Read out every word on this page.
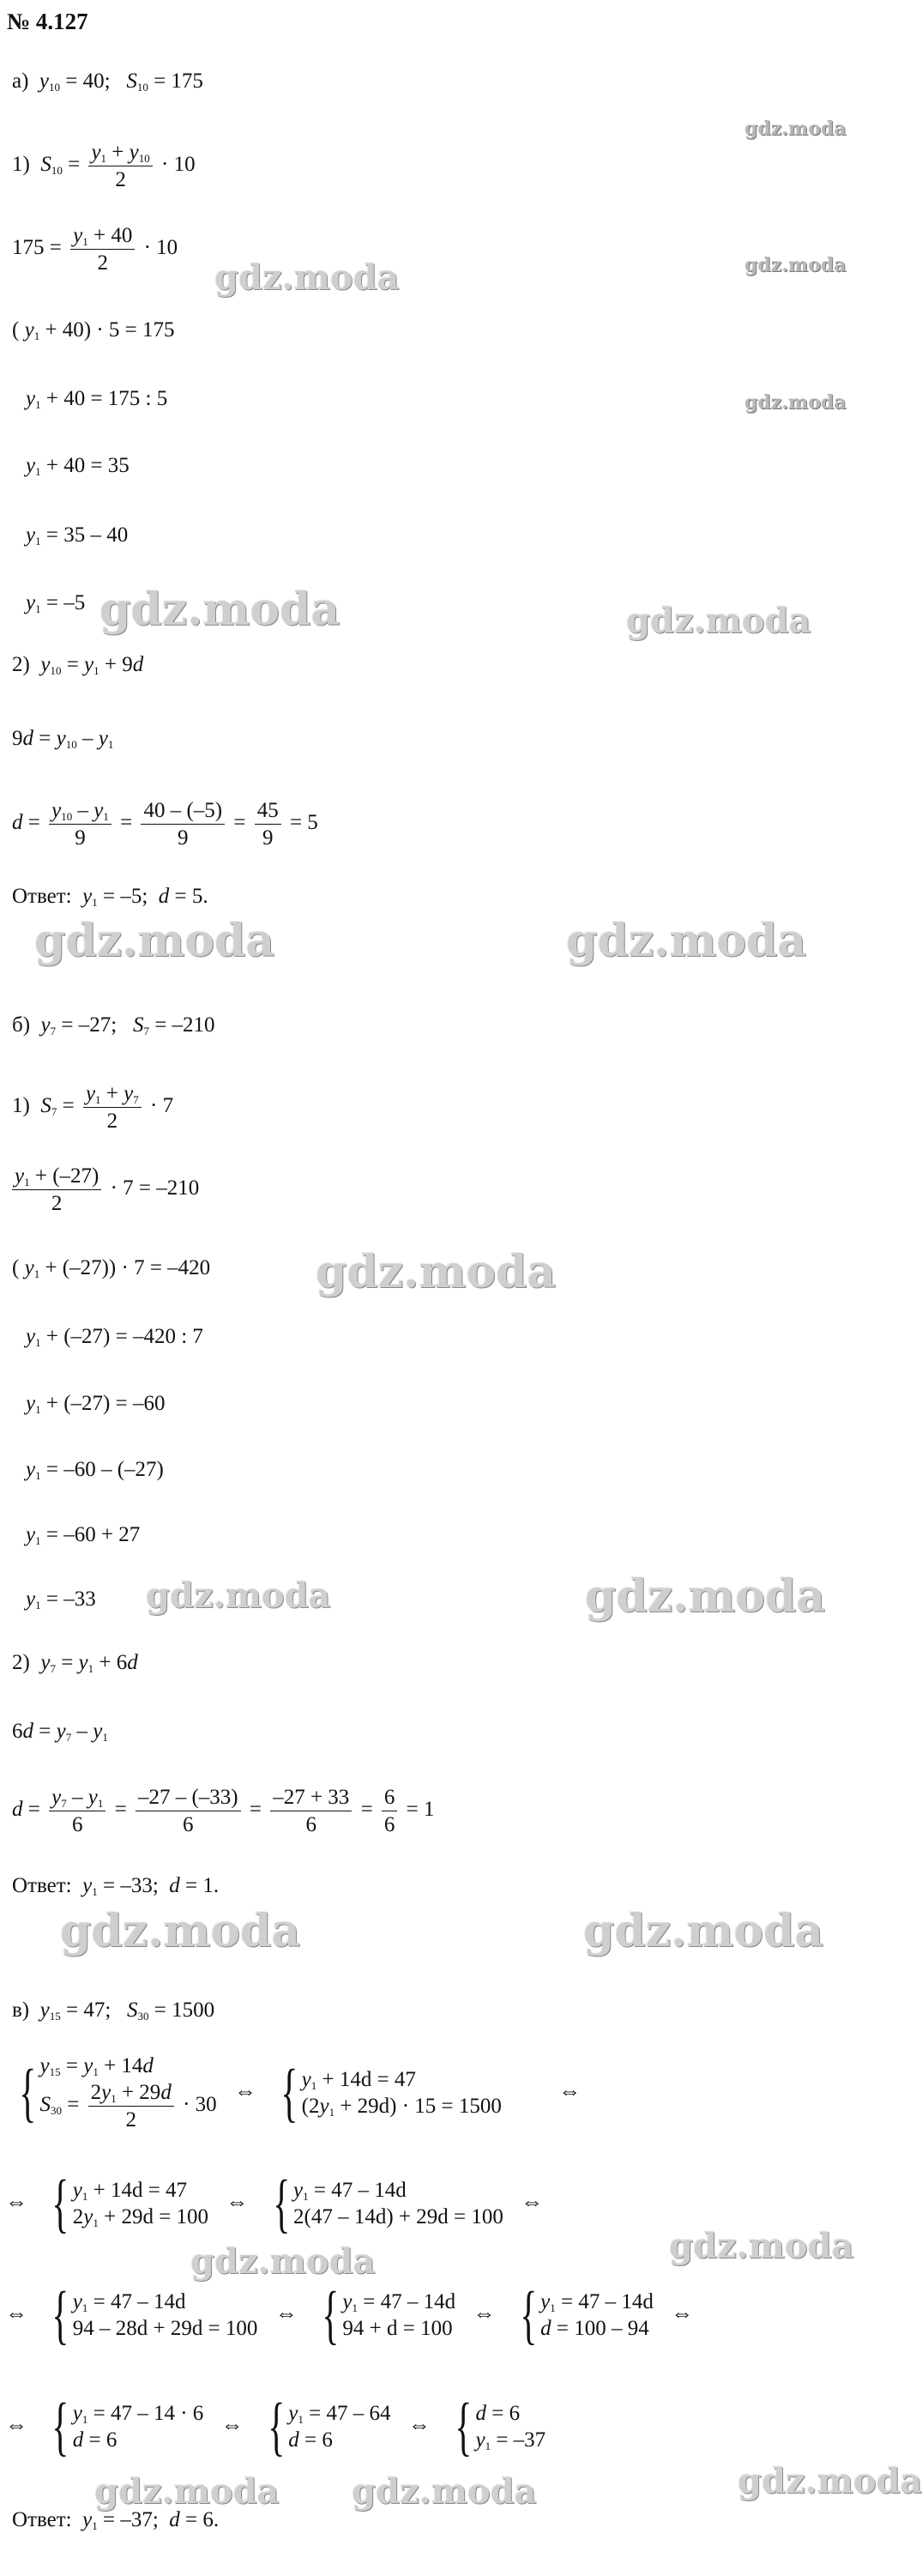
№ 4.127
а) $y_{10} = 40$; $S_{10} = 175$
1) $S_{10} = \frac{y_1 + y_{10}}{2} \cdot 10$
$175 = \frac{y_1 + 40}{2} \cdot 10$
( $y_1 + 40) \cdot 5 = 175$
$y_1 + 40 = 175$ : 5
$y_1 + 40 = 35$
$y_1 = 35 - 40$
$y_1 = -5$
2) $y_{10} = y_1 + 9d$
$9d = y_{10} - y_1$
$d = \frac{y_{10} - y_1}{9} = \frac{40 - (-5)}{9} = \frac{45}{9} = 5$
Ответ: $y_1 = -5$; d = 5.
б) $y_7 = -27$; $S_7 = -210$
1) $S_7 = \frac{y_1 + y_7}{2} \cdot 7$
$\frac{y_1 + (-27)}{2} \cdot 7 = -210$
( $y_1 + (-27)) \cdot 7 = -420$
$y_1 + (-27) = -420$ : 7
$y_1 + (-27) = -60$
$y_1 = -60 - (-27)$
$y_1 = -60 + 27$
$y_1 = -33$
2) $y_7 = y_1 + 6d$
$6d = y_7 - y_1$
$d = \frac{y_7 - y_1}{6} = \frac{-27 - (-33)}{6} = \frac{-27 + 33}{6} = \frac{6}{6} = 1$
Ответ: $y_1 = -33$; d = 1.
в) $y_{15} = 47$; $S_{30} = 1500$
{ $y_{15} = y_1 + 14d$
$S_{30} = \frac{2y_1 + 29d}{2} \cdot 30$
⇔ { $y_1 + 14d = 47$
$(2y_1 + 29d) \cdot 15 = 1500$
⇔
⇔ { $y_1 + 14d = 47$
$2y_1 + 29d = 100$
⇔ { $y_1 = 47 - 14d$
2(47 – 14d) + 29d = 100
⇔
⇔ { $y_1 = 47 - 14d$
94 – 28d + 29d = 100
⇔ { $y_1 = 47 - 14d$
94 + d = 100
⇔ { $y_1 = 47 - 14d$
d = 100 – 94
⇔
⇔ { $y_1 = 47 - 14 \cdot 6$
d = 6
⇔ { $y_1 = 47 - 64$
d = 6
⇔ { d = 6
$y_1 = -37$
Ответ: $y_1 = -37$; d = 6.
gdz.moda
gdz.moda	gdz.moda
gdz.moda
gdz.moda	gdz.moda
gdz.moda	gdz.moda
gdz.moda
gdz.moda	gdz.moda
gdz.moda	gdz.moda
gdz.moda	gdz.moda
gdz.moda
gdz.moda gdz.moda
